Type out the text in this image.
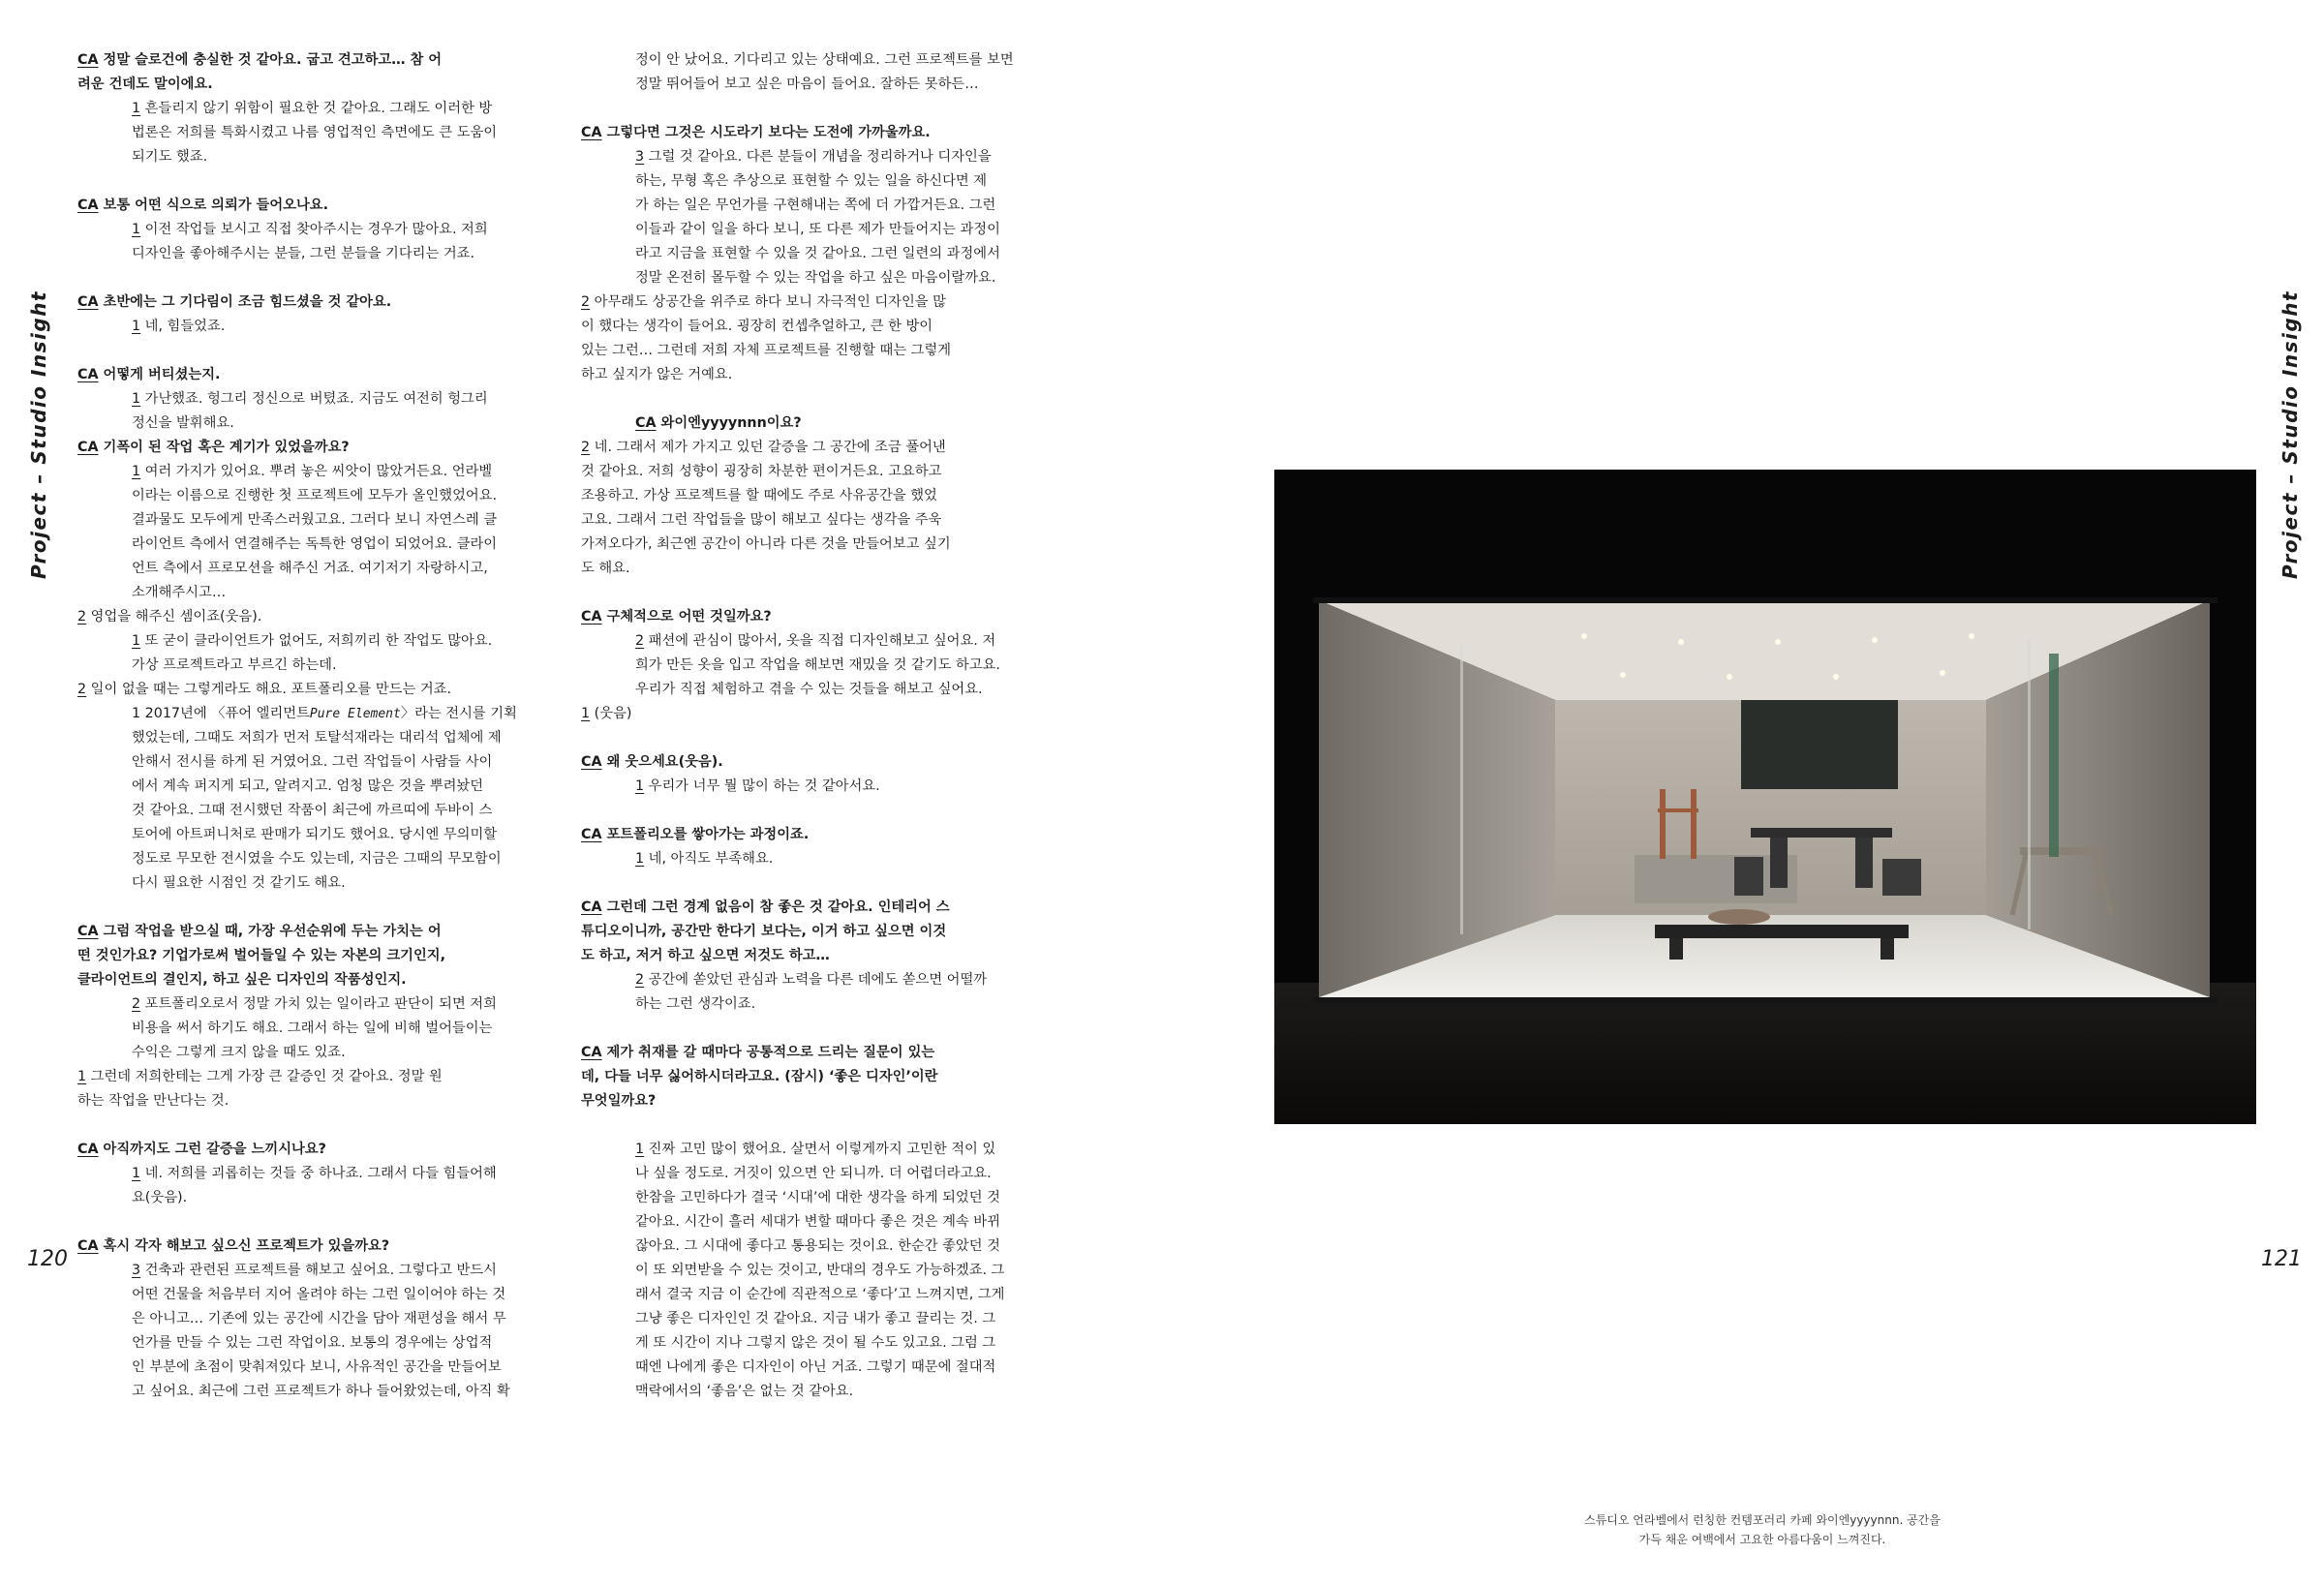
Project – Studio Insight	Project – Studio Insight
CA 정말 슬로건에 충실한 것 같아요. 굽고 견고하고… 참 어
려운 건데도 말이에요.
1 흔들리지 않기 위함이 필요한 것 같아요. 그래도 이러한 방
법론은 저희를 특화시켰고 나름 영업적인 측면에도 큰 도움이
되기도 했죠.
CA 보통 어떤 식으로 의뢰가 들어오나요.
1 이전 작업들 보시고 직접 찾아주시는 경우가 많아요. 저희
디자인을 좋아해주시는 분들, 그런 분들을 기다리는 거죠.
CA 초반에는 그 기다림이 조금 힘드셨을 것 같아요.
1 네, 힘들었죠.
CA 어떻게 버티셨는지.
1 가난했죠. 헝그리 정신으로 버텼죠. 지금도 여전히 헝그리
정신을 발휘해요.
CA 기폭이 된 작업 혹은 계기가 있었을까요?
1 여러 가지가 있어요. 뿌려 놓은 씨앗이 많았거든요. 언라벨
이라는 이름으로 진행한 첫 프로젝트에 모두가 올인했었어요.
결과물도 모두에게 만족스러웠고요. 그러다 보니 자연스레 클
라이언트 측에서 연결해주는 독특한 영업이 되었어요. 클라이
언트 측에서 프로모션을 해주신 거죠. 여기저기 자랑하시고,
소개해주시고…
2 영업을 해주신 셈이죠(웃음).
1 또 굳이 클라이언트가 없어도, 저희끼리 한 작업도 많아요.
가상 프로젝트라고 부르긴 하는데.
2 일이 없을 때는 그렇게라도 해요. 포트폴리오를 만드는 거죠.
1 2017년에 〈퓨어 엘리먼트Pure Element〉라는 전시를 기획
했었는데, 그때도 저희가 먼저 토탈석재라는 대리석 업체에 제
안해서 전시를 하게 된 거였어요. 그런 작업들이 사람들 사이
에서 계속 퍼지게 되고, 알려지고. 엄청 많은 것을 뿌려놨던
것 같아요. 그때 전시했던 작품이 최근에 까르띠에 두바이 스
토어에 아트퍼니처로 판매가 되기도 했어요. 당시엔 무의미할
정도로 무모한 전시였을 수도 있는데, 지금은 그때의 무모함이
다시 필요한 시점인 것 같기도 해요.
CA 그럼 작업을 받으실 때, 가장 우선순위에 두는 가치는 어
떤 것인가요? 기업가로써 벌어들일 수 있는 자본의 크기인지,
클라이언트의 결인지, 하고 싶은 디자인의 작품성인지.
2 포트폴리오로서 정말 가치 있는 일이라고 판단이 되면 저희
비용을 써서 하기도 해요. 그래서 하는 일에 비해 벌어들이는
수익은 그렇게 크지 않을 때도 있죠.
1 그런데 저희한테는 그게 가장 큰 갈증인 것 같아요. 정말 원
하는 작업을 만난다는 것.
CA 아직까지도 그런 갈증을 느끼시나요?
1 네. 저희를 괴롭히는 것들 중 하나죠. 그래서 다들 힘들어해
요(웃음).
CA 혹시 각자 해보고 싶으신 프로젝트가 있을까요?
3 건축과 관련된 프로젝트를 해보고 싶어요. 그렇다고 반드시
어떤 건물을 처음부터 지어 올려야 하는 그런 일이어야 하는 것
은 아니고… 기존에 있는 공간에 시간을 담아 재편성을 해서 무
언가를 만들 수 있는 그런 작업이요. 보통의 경우에는 상업적
인 부분에 초점이 맞춰져있다 보니, 사유적인 공간을 만들어보
고 싶어요. 최근에 그런 프로젝트가 하나 들어왔었는데, 아직 확
정이 안 났어요. 기다리고 있는 상태예요. 그런 프로젝트를 보면
정말 뛰어들어 보고 싶은 마음이 들어요. 잘하든 못하든…
CA 그렇다면 그것은 시도라기 보다는 도전에 가까울까요.
3 그럴 것 같아요. 다른 분들이 개념을 정리하거나 디자인을
하는, 무형 혹은 추상으로 표현할 수 있는 일을 하신다면 제
가 하는 일은 무언가를 구현해내는 쪽에 더 가깝거든요. 그런
이들과 같이 일을 하다 보니, 또 다른 제가 만들어지는 과정이
라고 지금을 표현할 수 있을 것 같아요. 그런 일련의 과정에서
정말 온전히 몰두할 수 있는 작업을 하고 싶은 마음이랄까요.
2 아무래도 상공간을 위주로 하다 보니 자극적인 디자인을 많
이 했다는 생각이 들어요. 굉장히 컨셉추얼하고, 큰 한 방이
있는 그런… 그런데 저희 자체 프로젝트를 진행할 때는 그렇게
하고 싶지가 않은 거예요.
CA 와이엔yyyynnn이요?
2 네. 그래서 제가 가지고 있던 갈증을 그 공간에 조금 풀어낸
것 같아요. 저희 성향이 굉장히 차분한 편이거든요. 고요하고
조용하고. 가상 프로젝트를 할 때에도 주로 사유공간을 했었
고요. 그래서 그런 작업들을 많이 해보고 싶다는 생각을 주욱
가져오다가, 최근엔 공간이 아니라 다른 것을 만들어보고 싶기
도 해요.
CA 구체적으로 어떤 것일까요?
2 패션에 관심이 많아서, 옷을 직접 디자인해보고 싶어요. 저
희가 만든 옷을 입고 작업을 해보면 재밌을 것 같기도 하고요.
우리가 직접 체험하고 겪을 수 있는 것들을 해보고 싶어요.
1 (웃음)
CA 왜 웃으세요(웃음).
1 우리가 너무 뭘 많이 하는 것 같아서요.
CA 포트폴리오를 쌓아가는 과정이죠.
1 네, 아직도 부족해요.
CA 그런데 그런 경계 없음이 참 좋은 것 같아요. 인테리어 스
튜디오이니까, 공간만 한다기 보다는, 이거 하고 싶으면 이것
도 하고, 저거 하고 싶으면 저것도 하고…
2 공간에 쏟았던 관심과 노력을 다른 데에도 쏟으면 어떨까
하는 그런 생각이죠.
CA 제가 취재를 갈 때마다 공통적으로 드리는 질문이 있는
데, 다들 너무 싫어하시더라고요. (잠시) ‘좋은 디자인’이란
무엇일까요?
1 진짜 고민 많이 했어요. 살면서 이렇게까지 고민한 적이 있
나 싶을 정도로. 거짓이 있으면 안 되니까. 더 어렵더라고요.
한참을 고민하다가 결국 ‘시대’에 대한 생각을 하게 되었던 것
같아요. 시간이 흘러 세대가 변할 때마다 좋은 것은 계속 바뀌
잖아요. 그 시대에 좋다고 통용되는 것이요. 한순간 좋았던 것
이 또 외면받을 수 있는 것이고, 반대의 경우도 가능하겠죠. 그
래서 결국 지금 이 순간에 직관적으로 ‘좋다’고 느껴지면, 그게
그냥 좋은 디자인인 것 같아요. 지금 내가 좋고 끌리는 것. 그
게 또 시간이 지나 그렇지 않은 것이 될 수도 있고요. 그럼 그
때엔 나에게 좋은 디자인이 아닌 거죠. 그렇기 때문에 절대적
맥락에서의 ‘좋음’은 없는 것 같아요.
120	121
스튜디오 언라벨에서 런칭한 컨템포러리 카페 와이엔yyyynnn. 공간을
가득 채운 여백에서 고요한 아름다움이 느껴진다.
